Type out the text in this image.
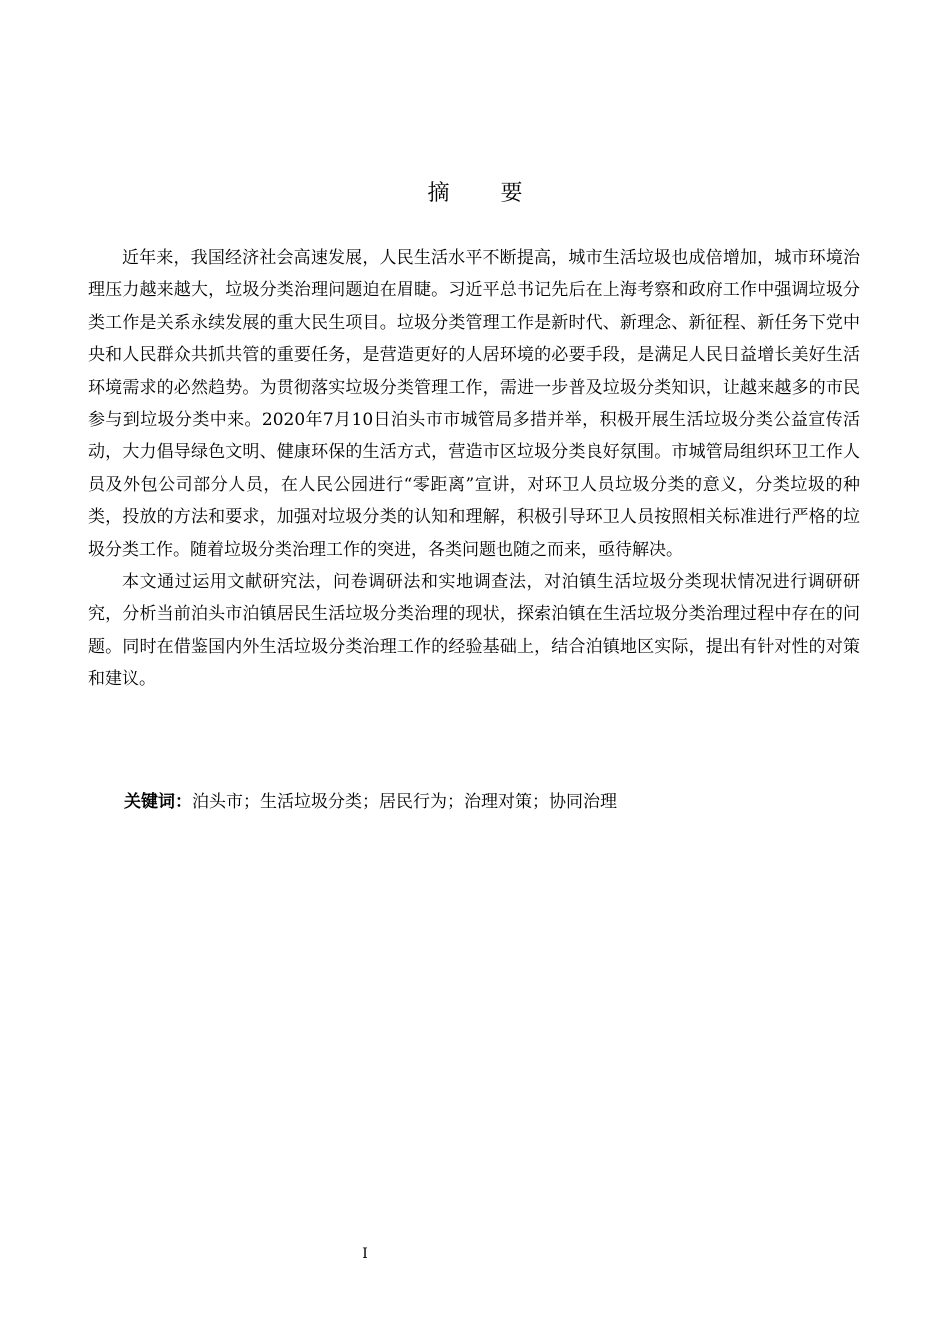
摘 要

近年来，我国经济社会高速发展，人民生活水平不断提高，城市生活垃圾也成倍增加，城市环境治理压力越来越大，垃圾分类治理问题迫在眉睫。习近平总书记先后在上海考察和政府工作中强调垃圾分类工作是关系永续发展的重大民生项目。垃圾分类管理工作是新时代、新理念、新征程、新任务下党中央和人民群众共抓共管的重要任务，是营造更好的人居环境的必要手段，是满足人民日益增长美好生活环境需求的必然趋势。为贯彻落实垃圾分类管理工作，需进一步普及垃圾分类知识，让越来越多的市民参与到垃圾分类中来。2020年7月10日泊头市市城管局多措并举，积极开展生活垃圾分类公益宣传活动，大力倡导绿色文明、健康环保的生活方式，营造市区垃圾分类良好氛围。市城管局组织环卫工作人员及外包公司部分人员，在人民公园进行“零距离”宣讲，对环卫人员垃圾分类的意义，分类垃圾的种类，投放的方法和要求，加强对垃圾分类的认知和理解，积极引导环卫人员按照相关标准进行严格的垃圾分类工作。随着垃圾分类治理工作的突进，各类问题也随之而来，亟待解决。

本文通过运用文献研究法，问卷调研法和实地调查法，对泊镇生活垃圾分类现状情况进行调研研究，分析当前泊头市泊镇居民生活垃圾分类治理的现状，探索泊镇在生活垃圾分类治理过程中存在的问题。同时在借鉴国内外生活垃圾分类治理工作的经验基础上，结合泊镇地区实际，提出有针对性的对策和建议。

关键词：泊头市；生活垃圾分类；居民行为；治理对策；协同治理
I
